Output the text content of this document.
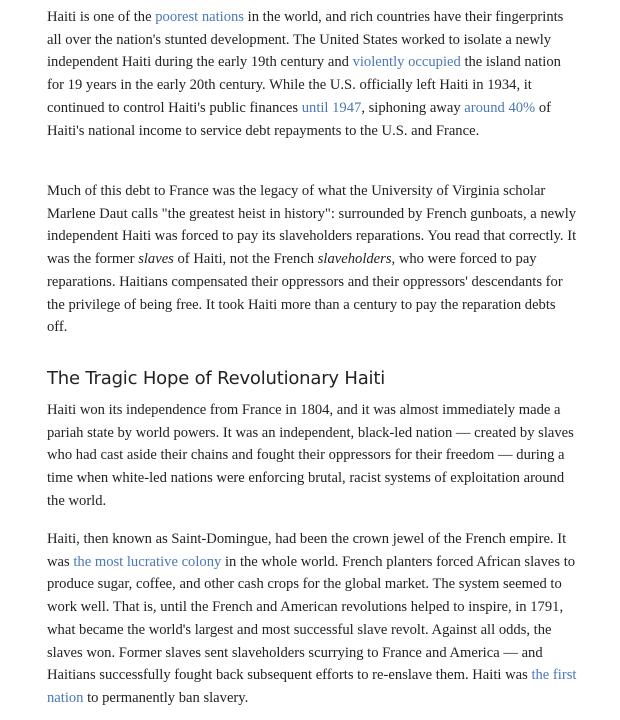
Haiti is one of the poorest nations in the world, and rich countries have their fingerprints all over the nation's stunted development. The United States worked to isolate a newly independent Haiti during the early 19th century and violently occupied the island nation for 19 years in the early 20th century. While the U.S. officially left Haiti in 1934, it continued to control Haiti's public finances until 1947, siphoning away around 40% of Haiti's national income to service debt repayments to the U.S. and France.

Much of this debt to France was the legacy of what the University of Virginia scholar Marlene Daut calls "the greatest heist in history": surrounded by French gunboats, a newly independent Haiti was forced to pay its slaveholders reparations. You read that correctly. It was the former slaves of Haiti, not the French slaveholders, who were forced to pay reparations. Haitians compensated their oppressors and their oppressors' descendants for the privilege of being free. It took Haiti more than a century to pay the reparation debts off.

The Tragic Hope of Revolutionary Haiti

Haiti won its independence from France in 1804, and it was almost immediately made a pariah state by world powers. It was an independent, black-led nation — created by slaves who had cast aside their chains and fought their oppressors for their freedom — during a time when white-led nations were enforcing brutal, racist systems of exploitation around the world.

Haiti, then known as Saint-Domingue, had been the crown jewel of the French empire. It was the most lucrative colony in the whole world. French planters forced African slaves to produce sugar, coffee, and other cash crops for the global market. The system seemed to work well. That is, until the French and American revolutions helped to inspire, in 1791, what became the world's largest and most successful slave revolt. Against all odds, the slaves won. Former slaves sent slaveholders scurrying to France and America — and Haitians successfully fought back subsequent efforts to re-enslave them. Haiti was the first nation to permanently ban slavery.
